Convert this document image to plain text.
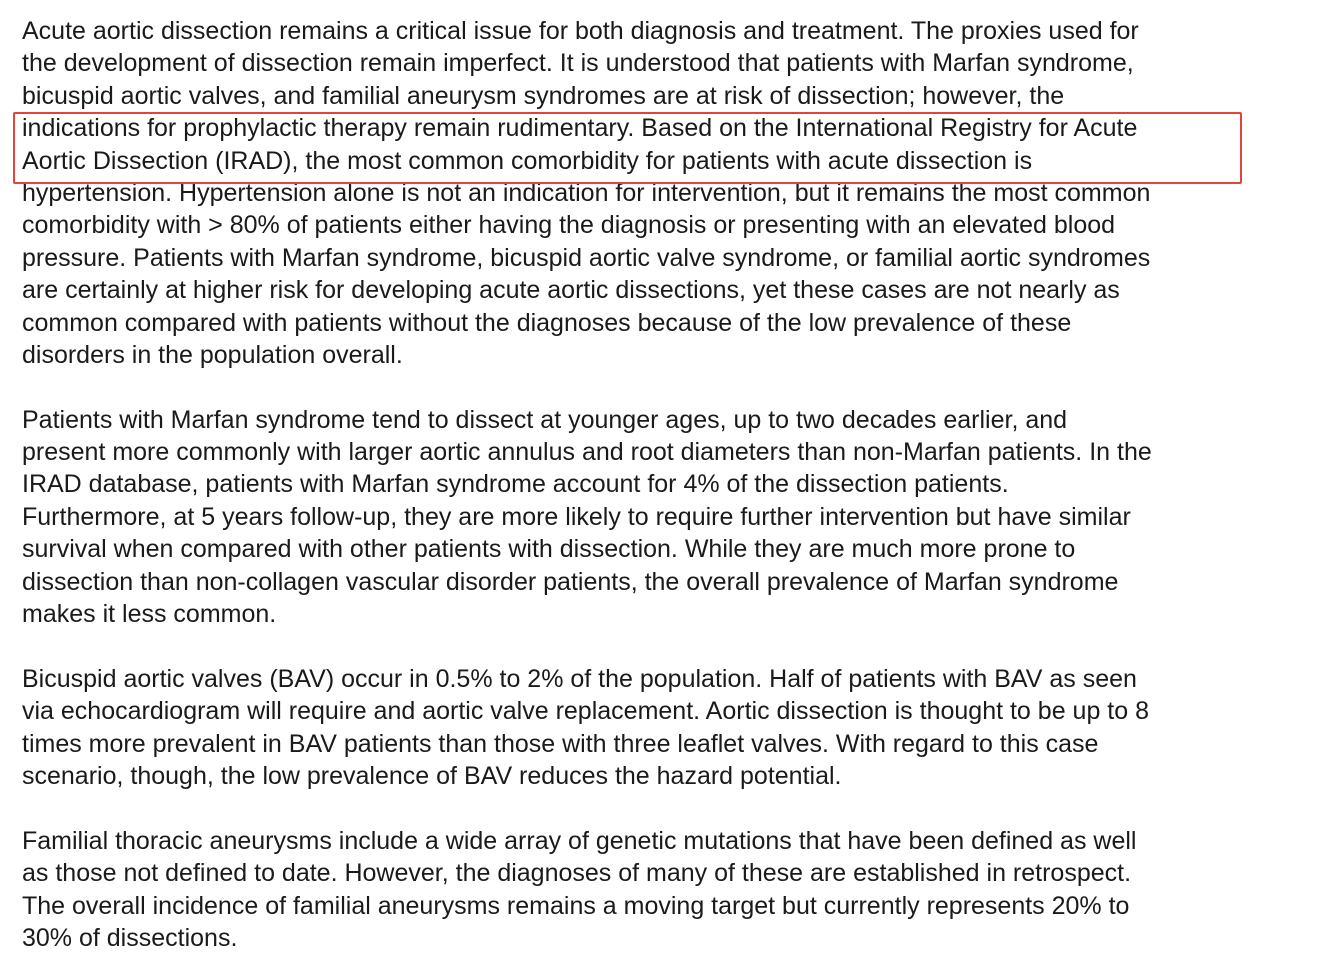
Acute aortic dissection remains a critical issue for both diagnosis and treatment. The proxies used for
the development of dissection remain imperfect. It is understood that patients with Marfan syndrome,
bicuspid aortic valves, and familial aneurysm syndromes are at risk of dissection; however, the
indications for prophylactic therapy remain rudimentary. Based on the International Registry for Acute
Aortic Dissection (IRAD), the most common comorbidity for patients with acute dissection is
hypertension. Hypertension alone is not an indication for intervention, but it remains the most common
comorbidity with > 80% of patients either having the diagnosis or presenting with an elevated blood
pressure. Patients with Marfan syndrome, bicuspid aortic valve syndrome, or familial aortic syndromes
are certainly at higher risk for developing acute aortic dissections, yet these cases are not nearly as
common compared with patients without the diagnoses because of the low prevalence of these
disorders in the population overall.
Patients with Marfan syndrome tend to dissect at younger ages, up to two decades earlier, and
present more commonly with larger aortic annulus and root diameters than non-Marfan patients. In the
IRAD database, patients with Marfan syndrome account for 4% of the dissection patients.
Furthermore, at 5 years follow-up, they are more likely to require further intervention but have similar
survival when compared with other patients with dissection. While they are much more prone to
dissection than non-collagen vascular disorder patients, the overall prevalence of Marfan syndrome
makes it less common.
Bicuspid aortic valves (BAV) occur in 0.5% to 2% of the population. Half of patients with BAV as seen
via echocardiogram will require and aortic valve replacement. Aortic dissection is thought to be up to 8
times more prevalent in BAV patients than those with three leaflet valves. With regard to this case
scenario, though, the low prevalence of BAV reduces the hazard potential.
Familial thoracic aneurysms include a wide array of genetic mutations that have been defined as well
as those not defined to date. However, the diagnoses of many of these are established in retrospect.
The overall incidence of familial aneurysms remains a moving target but currently represents 20% to
30% of dissections.
